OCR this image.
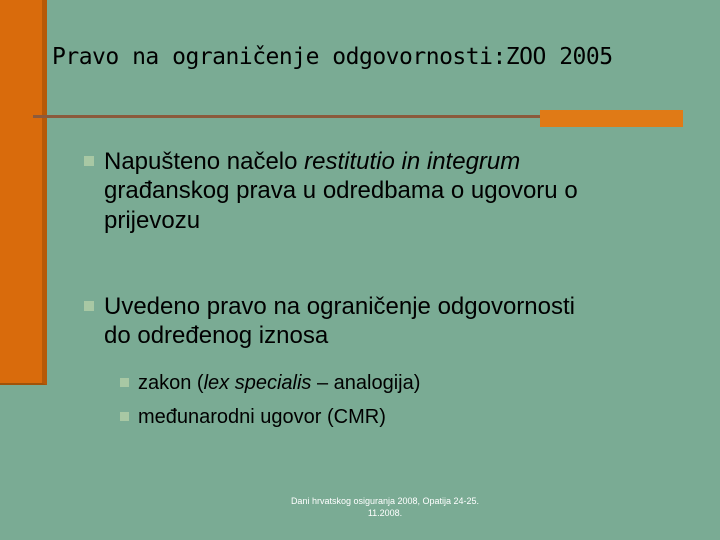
Pravo na ograničenje odgovornosti:ZOO 2005
Napušteno načelo restitutio in integrum
građanskog prava u odredbama o ugovoru o
prijevozu
Uvedeno pravo na ograničenje odgovornosti
do određenog iznosa
zakon (lex specialis – analogija)
međunarodni ugovor (CMR)
Dani hrvatskog osiguranja 2008, Opatija 24-25.
11.2008.
